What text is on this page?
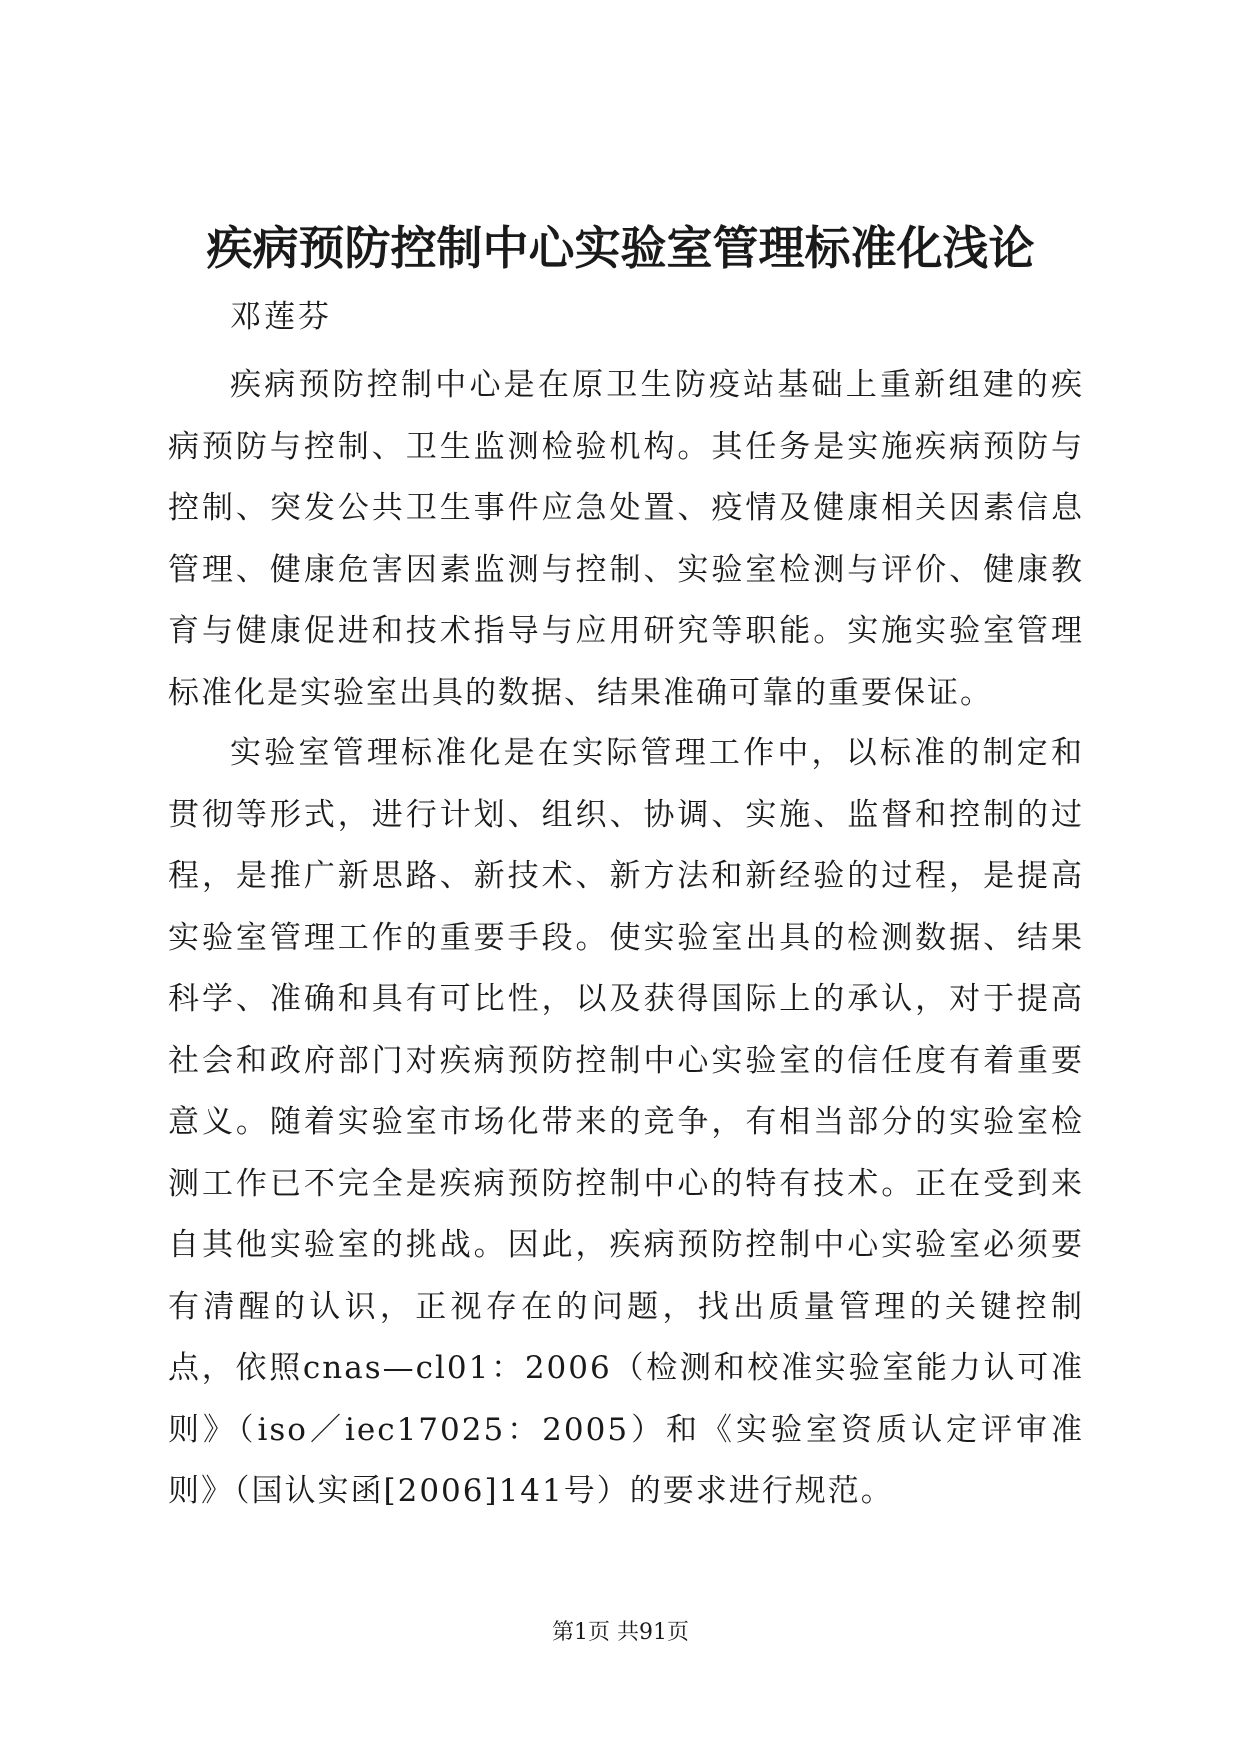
疾病预防控制中心实验室管理标准化浅论
邓莲芬

疾病预防控制中心是在原卫生防疫站基础上重新组建的疾病预防与控制、卫生监测检验机构。其任务是实施疾病预防与控制、突发公共卫生事件应急处置、疫情及健康相关因素信息管理、健康危害因素监测与控制、实验室检测与评价、健康教育与健康促进和技术指导与应用研究等职能。实施实验室管理标准化是实验室出具的数据、结果准确可靠的重要保证。

实验室管理标准化是在实际管理工作中，以标准的制定和贯彻等形式，进行计划、组织、协调、实施、监督和控制的过程，是推广新思路、新技术、新方法和新经验的过程，是提高实验室管理工作的重要手段。使实验室出具的检测数据、结果科学、准确和具有可比性，以及获得国际上的承认，对于提高社会和政府部门对疾病预防控制中心实验室的信任度有着重要意义。随着实验室市场化带来的竞争，有相当部分的实验室检测工作已不完全是疾病预防控制中心的特有技术。正在受到来自其他实验室的挑战。因此，疾病预防控制中心实验室必须要有清醒的认识，正视存在的问题，找出质量管理的关键控制点，依照cnas—cl01：2006（检测和校准实验室能力认可准则》（iso／iec17025：2005）和《实验室资质认定评审准则》（国认实函[2006]141号）的要求进行规范。

第1页 共91页
